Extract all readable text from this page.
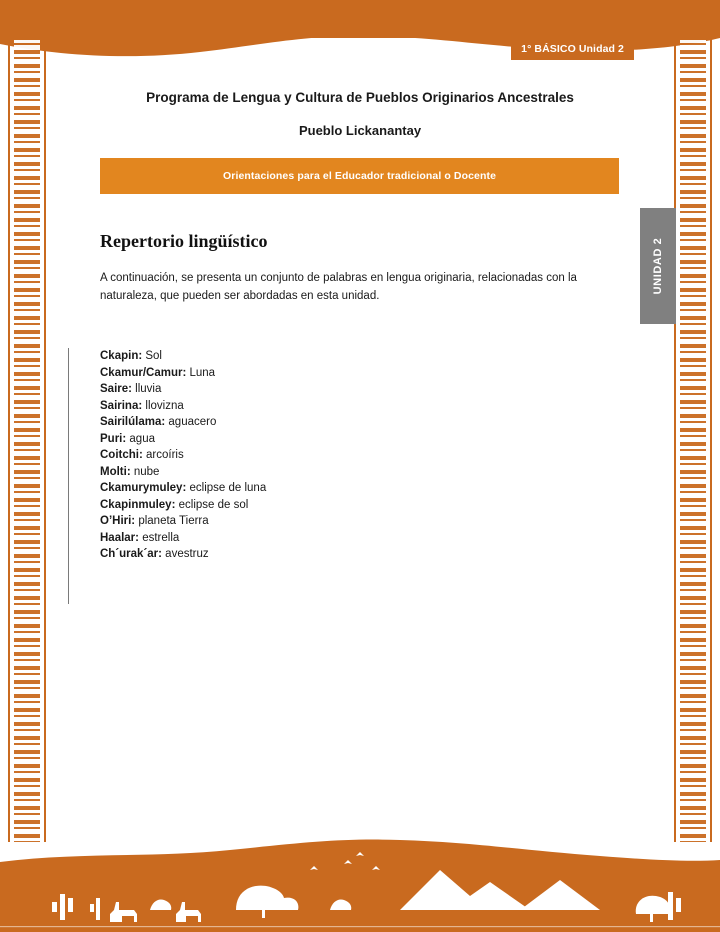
1° BÁSICO Unidad 2
UNIDAD 2
Programa de Lengua y Cultura de Pueblos Originarios Ancestrales
Pueblo Lickanantay
Orientaciones para el Educador tradicional o Docente
Repertorio lingüístico
A continuación, se presenta un conjunto de palabras en lengua originaria, relacionadas con la naturaleza, que pueden ser abordadas en esta unidad.
Ckapin: Sol
Ckamur/Camur: Luna
Saire: lluvia
Sairina: llovizna
Sairilúlama: aguacero
Puri: agua
Coitchi: arcoíris
Molti: nube
Ckamurymuley: eclipse de luna
Ckapinmuley: eclipse de sol
O’Hiri: planeta Tierra
Haalar: estrella
Ch´urak´ar: avestruz
